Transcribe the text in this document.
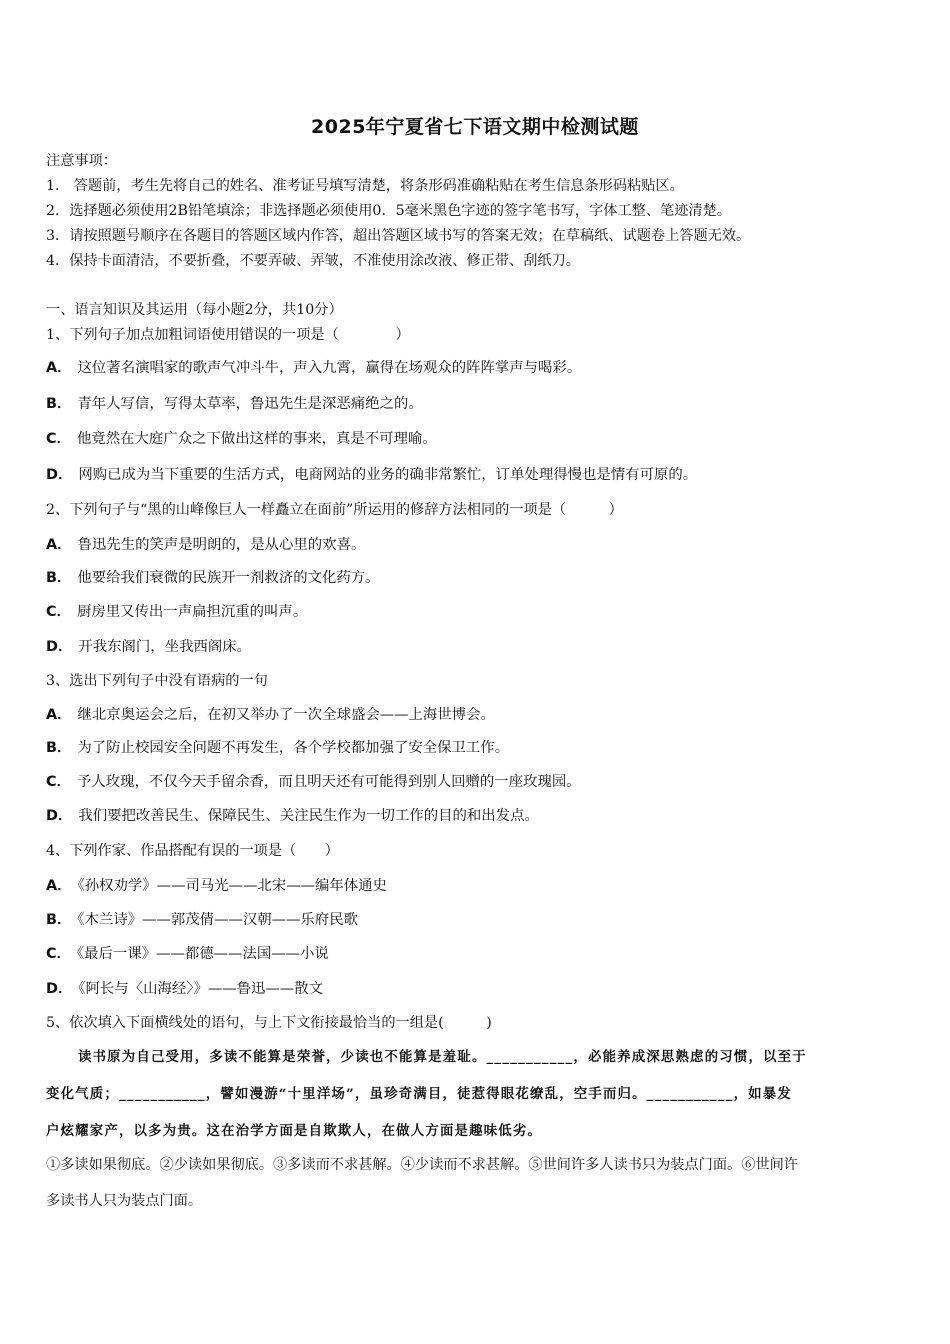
2025年宁夏省七下语文期中检测试题
注意事项：
1.　答题前，考生先将自己的姓名、准考证号填写清楚，将条形码准确粘贴在考生信息条形码粘贴区。
2．选择题必须使用2B铅笔填涂；非选择题必须使用0．5毫米黑色字迹的签字笔书写，字体工整、笔迹清楚。
3．请按照题号顺序在各题目的答题区域内作答，超出答题区域书写的答案无效；在草稿纸、试题卷上答题无效。
4．保持卡面清洁，不要折叠，不要弄破、弄皱，不准使用涂改液、修正带、刮纸刀。
一、语言知识及其运用（每小题2分，共10分）
1、下列句子加点加粗词语使用错误的一项是（　　　　）
A． 这位著名演唱家的歌声气冲斗牛，声入九霄，赢得在场观众的阵阵掌声与喝彩。
B． 青年人写信，写得太草率，鲁迅先生是深恶痛绝之的。
C． 他竟然在大庭广众之下做出这样的事来，真是不可理喻。
D． 网购已成为当下重要的生活方式，电商网站的业务的确非常繁忙，订单处理得慢也是情有可原的。
2、下列句子与“黑的山峰像巨人一样矗立在面前”所运用的修辞方法相同的一项是（　　　）
A． 鲁迅先生的笑声是明朗的，是从心里的欢喜。
B． 他要给我们衰微的民族开一剂救济的文化药方。
C． 厨房里又传出一声扁担沉重的叫声。
D． 开我东阁门，坐我西阁床。
3、选出下列句子中没有语病的一句
A． 继北京奥运会之后，在初又举办了一次全球盛会——上海世博会。
B． 为了防止校园安全问题不再发生，各个学校都加强了安全保卫工作。
C． 予人玫瑰，不仅今天手留余香，而且明天还有可能得到别人回赠的一座玫瑰园。
D． 我们要把改善民生、保障民生、关注民生作为一切工作的目的和出发点。
4、下列作家、作品搭配有误的一项是（　　）
A． 《孙权劝学》——司马光——北宋——编年体通史
B． 《木兰诗》——郭茂倩——汉朝——乐府民歌
C． 《最后一课》——都德——法国——小说
D． 《阿长与〈山海经〉》——鲁迅——散文
5、依次填入下面横线处的语句，与上下文衔接最恰当的一组是(　　　)
读书原为自己受用，多读不能算是荣誉，少读也不能算是羞耻。___________，必能养成深思熟虑的习惯，以至于
变化气质；___________，譬如漫游“十里洋场”，虽珍奇满目，徒惹得眼花缭乱，空手而归。___________，如暴发
户炫耀家产，以多为贵。这在治学方面是自欺欺人，在做人方面是趣味低劣。
①多读如果彻底。②少读如果彻底。③多读而不求甚解。④少读而不求甚解。⑤世间许多人读书只为装点门面。⑥世间许
多读书人只为装点门面。
